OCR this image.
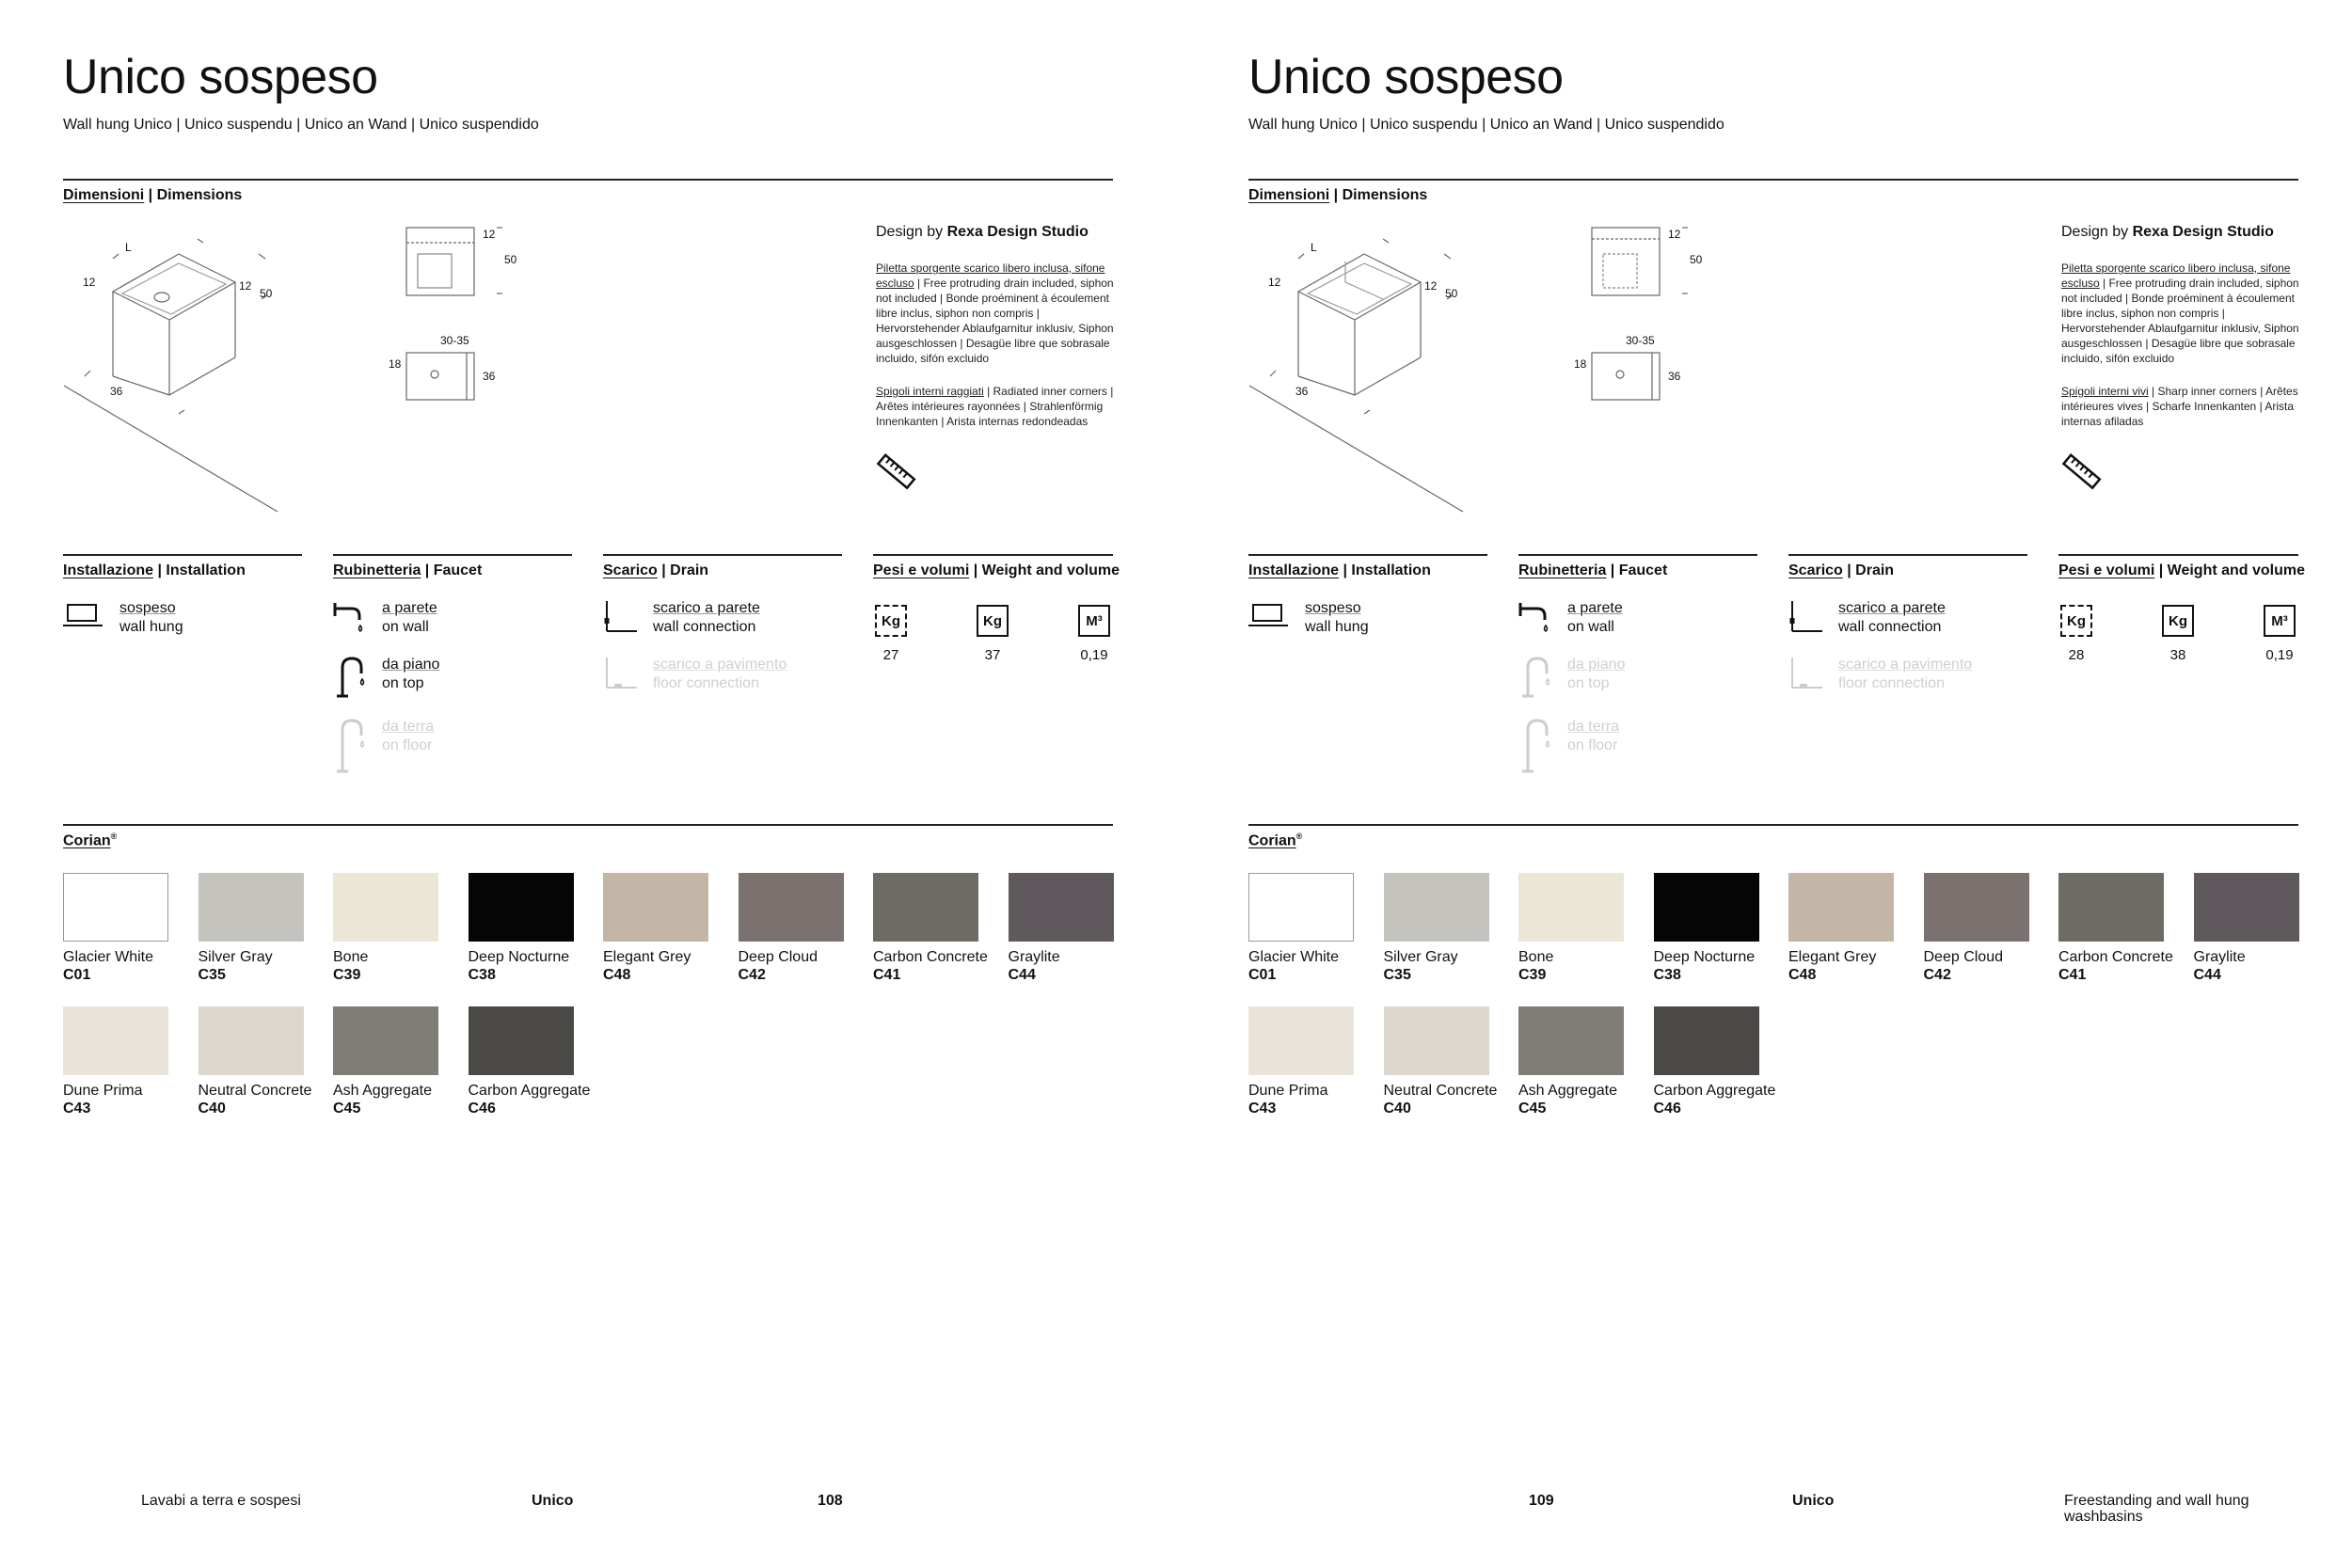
Unico sospeso
Wall hung Unico | Unico suspendu | Unico an Wand | Unico suspendido
Dimensioni | Dimensions
L
12	12
50
36
12
50
30-35
18
36
Design by Rexa Design Studio
Piletta sporgente scarico libero inclusa, sifone escluso | Free protruding drain included, siphon not included | Bonde proéminent à écoulement libre inclus, siphon non compris | Hervorstehender Ablaufgarnitur inklusiv, Siphon ausgeschlossen | Desagüe libre que sobrasale incluido, sifón excluido
Spigoli interni raggiati | Radiated inner corners | Arêtes intérieures rayonnées | Strahlenförmig Innenkanten | Arista internas redondeadas
Installazione | Installation
sospeso
wall hung
Rubinetteria | Faucet
a parete
on wall
da piano
on top
da terra
on floor
Scarico | Drain
scarico a parete
wall connection
scarico a pavimento
floor connection
Pesi e volumi | Weight and volume
Kg	Kg	M³
27	37	0,19
Corian®
Lavabi a terra e sospesi	Unico	108
Glacier White
C01
Silver Gray
C35
Bone
C39
Deep Nocturne
C38
Elegant Grey
C48
Deep Cloud
C42
Carbon Concrete
C41
Graylite
C44
Dune Prima
C43
Neutral Concrete
C40
Ash Aggregate
C45
Carbon Aggregate
C46
Unico sospeso
Wall hung Unico | Unico suspendu | Unico an Wand | Unico suspendido
Dimensioni | Dimensions
L
12	12
50
36
12
50
30-35
18
36
Design by Rexa Design Studio
Piletta sporgente scarico libero inclusa, sifone escluso | Free protruding drain included, siphon not included | Bonde proéminent à écoulement libre inclus, siphon non compris | Hervorstehender Ablaufgarnitur inklusiv, Siphon ausgeschlossen | Desagüe libre que sobrasale incluido, sifón excluido
Spigoli interni vivi | Sharp inner corners | Arêtes intérieures vives | Scharfe Innenkanten | Arista internas afiladas
Installazione | Installation
sospeso
wall hung
Rubinetteria | Faucet
a parete
on wall
da piano
on top
da terra
on floor
Scarico | Drain
scarico a parete
wall connection
scarico a pavimento
floor connection
Pesi e volumi | Weight and volume
Kg	Kg	M³
28	38	0,19
Corian®
109	Unico	Freestanding and wall hung washbasins
Glacier White
C01
Silver Gray
C35
Bone
C39
Deep Nocturne
C38
Elegant Grey
C48
Deep Cloud
C42
Carbon Concrete
C41
Graylite
C44
Dune Prima
C43
Neutral Concrete
C40
Ash Aggregate
C45
Carbon Aggregate
C46
